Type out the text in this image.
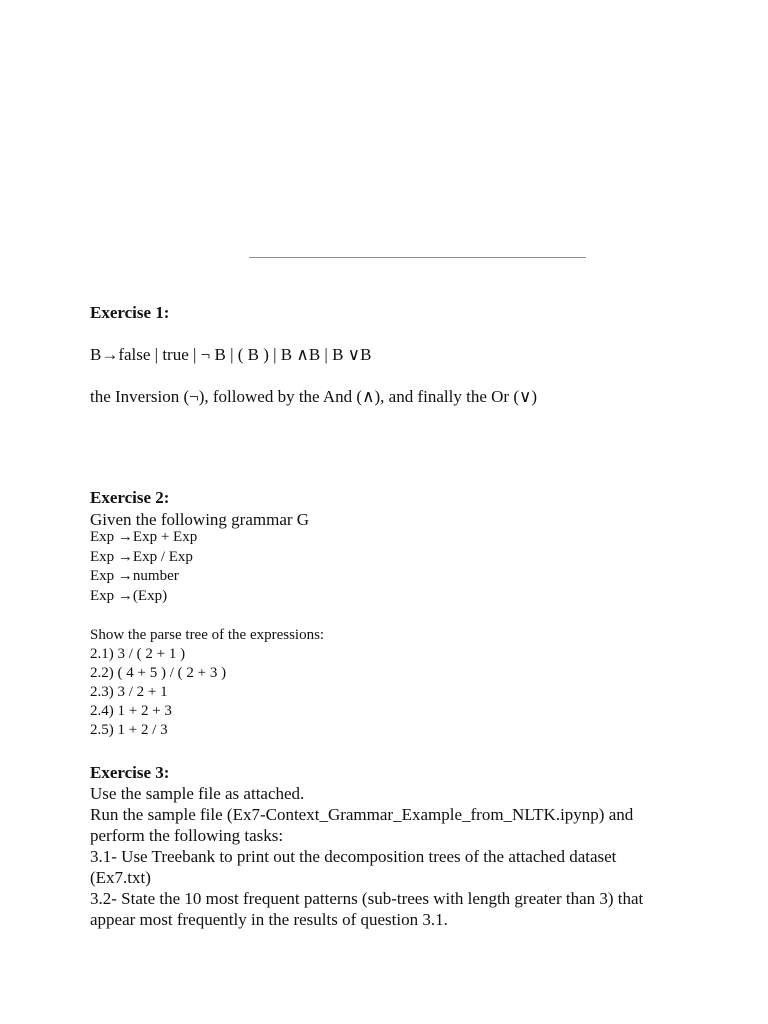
Exercise 1:
B→false | true | ¬ B | ( B ) | B ∧B | B ∨B
the Inversion (¬), followed by the And (∧), and finally the Or (∨)
Exercise 2:
Given the following grammar G
Exp →Exp + Exp
Exp →Exp / Exp
Exp →number
Exp →(Exp)
Show the parse tree of the expressions:
2.1) 3 / ( 2 + 1 )
2.2) ( 4 + 5 ) / ( 2 + 3 )
2.3) 3 / 2 + 1
2.4) 1 + 2 + 3
2.5) 1 + 2 / 3
Exercise 3:
Use the sample file as attached.
Run the sample file (Ex7-Context_Grammar_Example_from_NLTK.ipynp) and
perform the following tasks:
3.1- Use Treebank to print out the decomposition trees of the attached dataset
(Ex7.txt)
3.2- State the 10 most frequent patterns (sub-trees with length greater than 3) that
appear most frequently in the results of question 3.1.
